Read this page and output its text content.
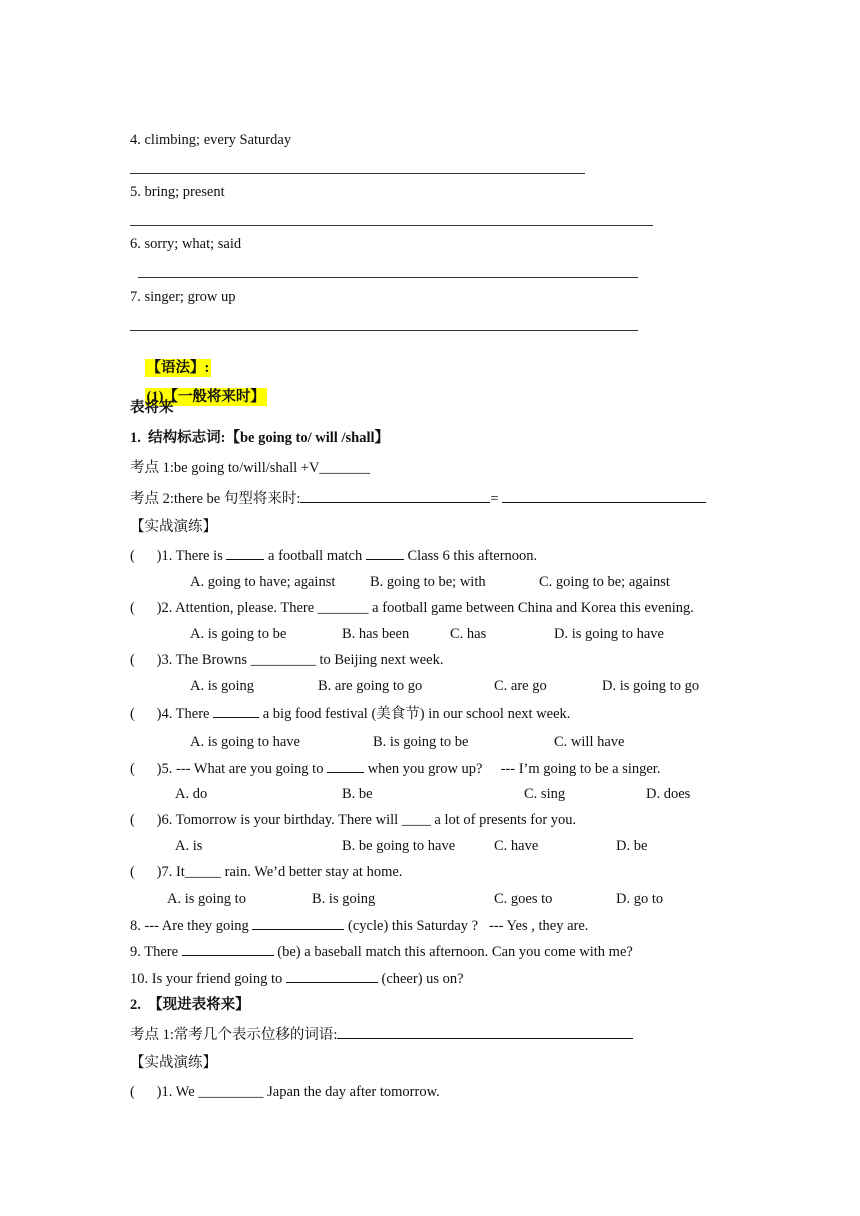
4. climbing; every Saturday
5. bring; present
6. sorry; what; said
7. singer; grow up

【语法】:

(1)【一般将来时】

表将来
1.  结构标志词:【be going to/ will /shall】
考点 1:be going to/will/shall +V_______
考点 2:there be 句型将来时:	=
【实战演练】
( )1. There is	a football match	Class 6 this afternoon.
A. going to have; against B. going to be; with	C. going to be; against
( )2. Attention, please. There _______ a football game between China and Korea this evening.
A. is going to be	B. has been	C. has	D. is going to have
( )3. The Browns _________ to Beijing next week.
A. is going	B. are going to go	C. are go	D. is going to go
( )4. There	a big food festival (美食节) in our school next week.
A. is going to have	B. is going to be	C. will have
( )5. --- What are you going to	when you grow up?     --- I’m going to be a singer.
A. do	B. be	C. sing	D. does
( )6. Tomorrow is your birthday. There will ____ a lot of presents for you.
A. is	B. be going to have	C. have	D. be
( )7. It_____ rain. We’d better stay at home.
A. is going to	B. is going	C. goes to	D. go to
8. --- Are they going	(cycle) this Saturday ?   --- Yes , they are.
9. There	(be) a baseball match this afternoon. Can you come with me?
10. Is your friend going to	(cheer) us on?
2.  【现进表将来】
考点 1:常考几个表示位移的词语:
【实战演练】
( )1. We _________ Japan the day after tomorrow.
